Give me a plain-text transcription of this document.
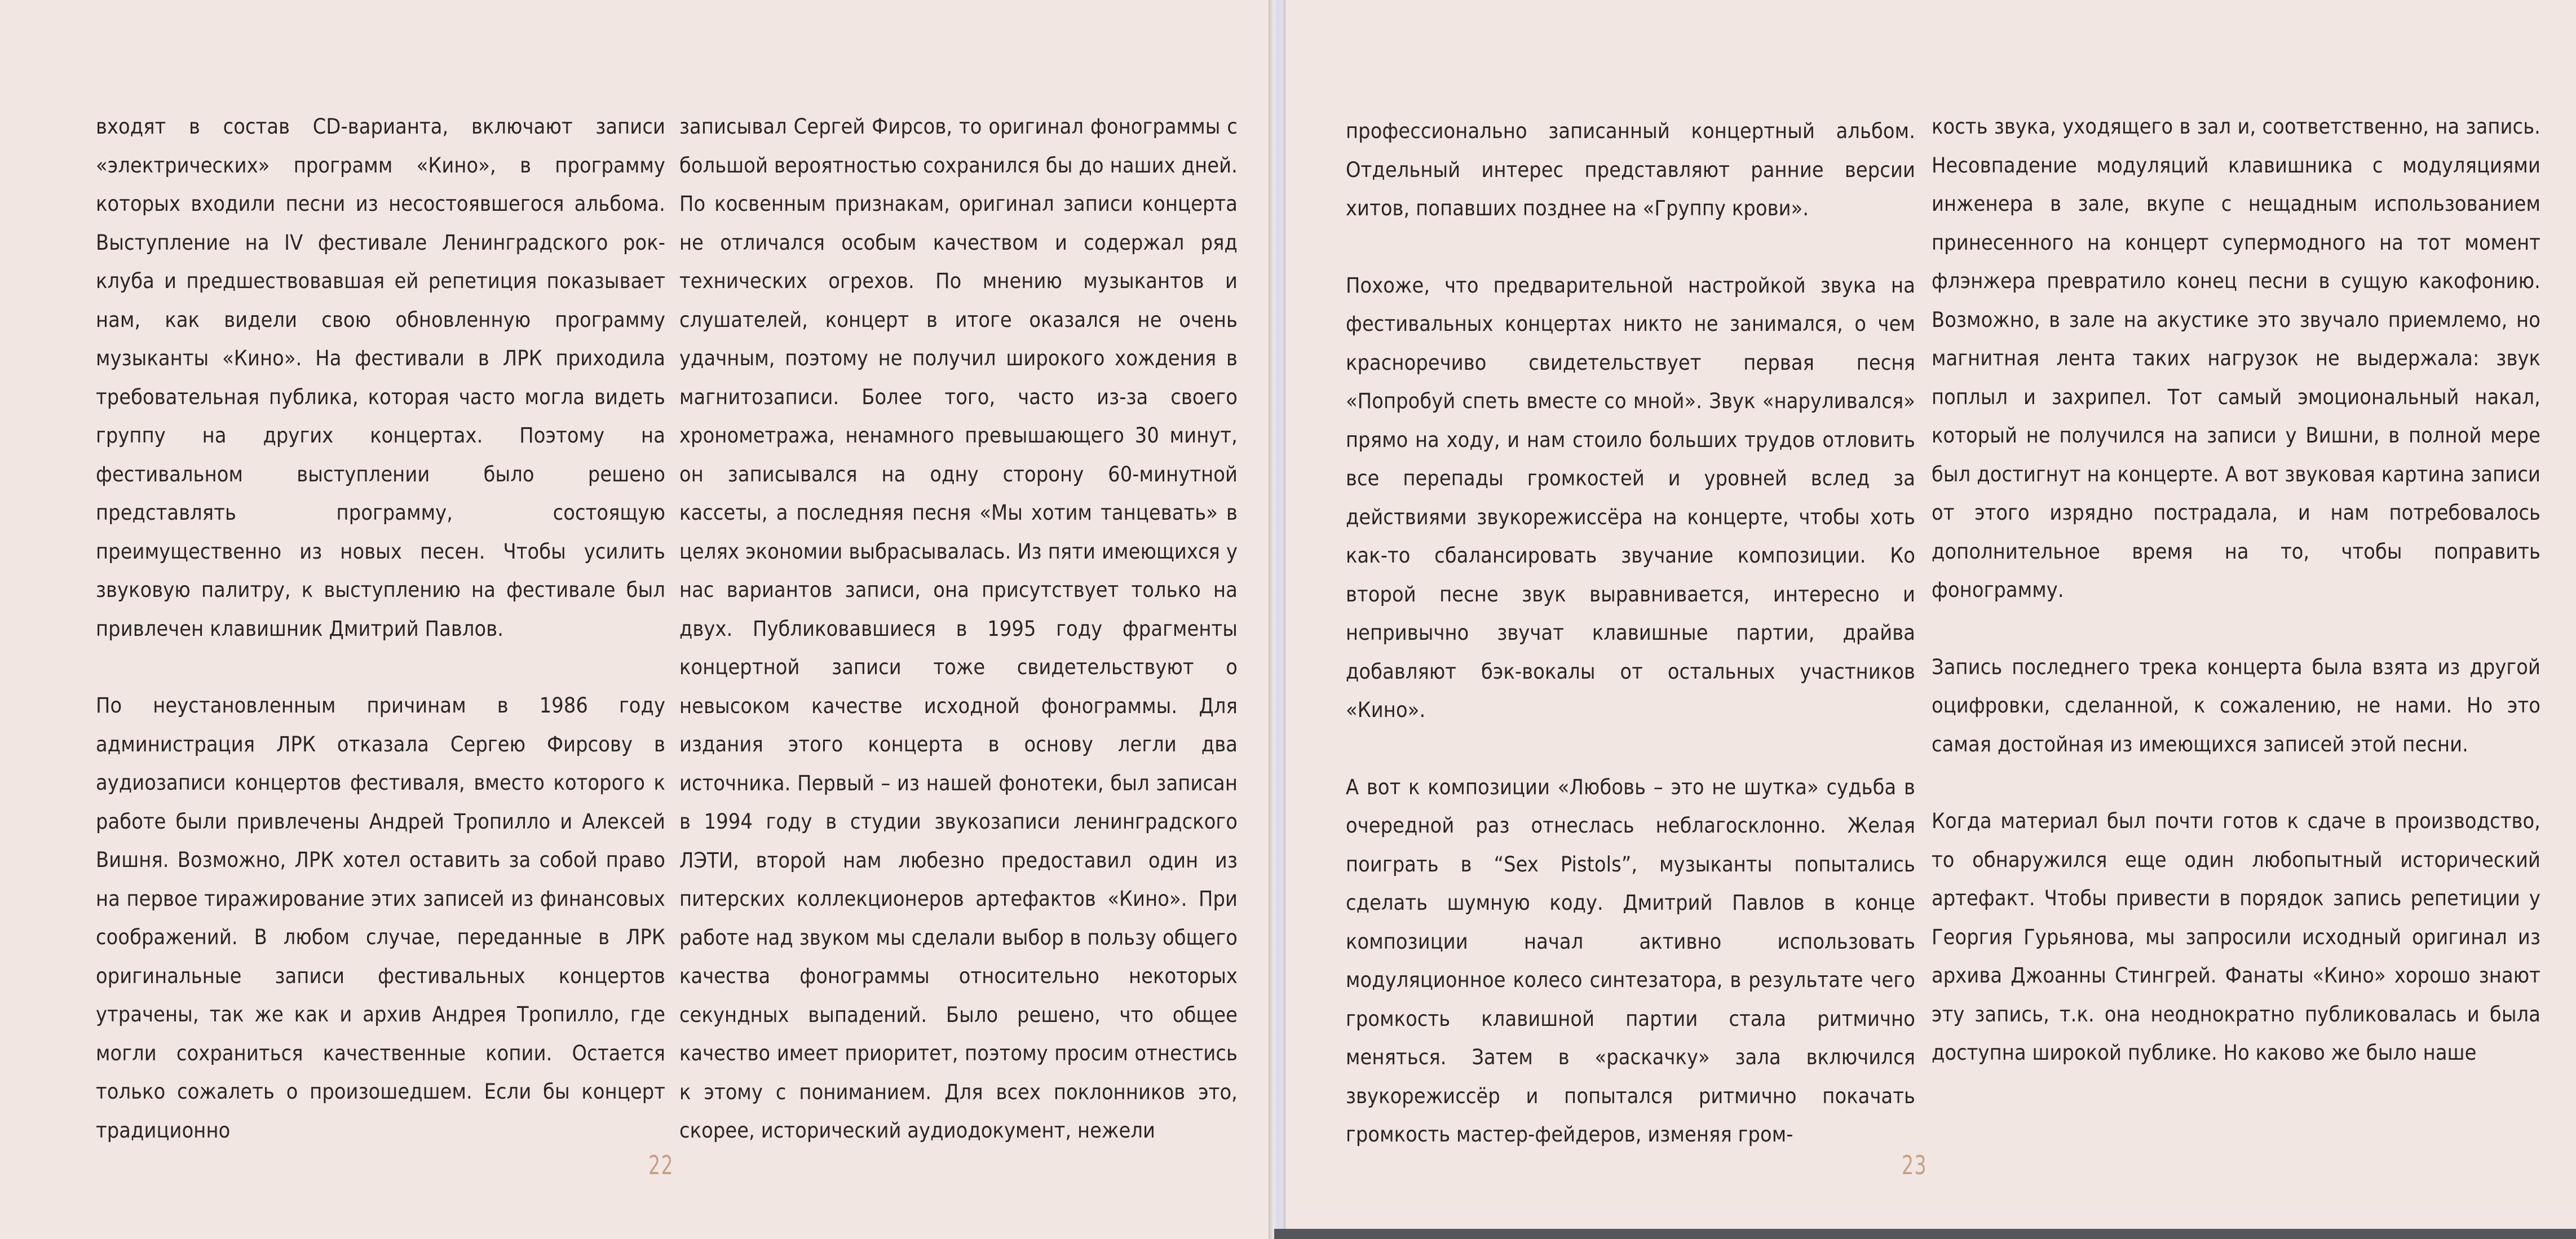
входят в состав CD-варианта, включают записи «электрических» программ «Кино», в программу которых входили песни из несостоявшегося альбома. Выступление на IV фестивале Ленинградского рок-клуба и предшествовавшая ей репетиция показывает нам, как видели свою обновленную программу музыканты «Кино». На фестивали в ЛРК приходила требовательная публика, которая часто могла видеть группу на других концертах. Поэтому на фестивальном выступлении было решено представлять программу, состоящую преимущественно из новых песен. Чтобы усилить звуковую палитру, к выступлению на фестивале был привлечен клавишник Дмитрий Павлов.

По неустановленным причинам в 1986 году администрация ЛРК отказала Сергею Фирсову в аудиозаписи концертов фестиваля, вместо которого к работе были привлечены Андрей Тропилло и Алексей Вишня. Возможно, ЛРК хотел оставить за собой право на первое тиражирование этих записей из финансовых соображений. В любом случае, переданные в ЛРК оригинальные записи фестивальных концертов утрачены, так же как и архив Андрея Тропилло, где могли сохраниться качественные копии. Остается только сожалеть о произошедшем. Если бы концерт традиционно

записывал Сергей Фирсов, то оригинал фонограммы с большой вероятностью сохранился бы до наших дней. По косвенным признакам, оригинал записи концерта не отличался особым качеством и содержал ряд технических огрехов. По мнению музыкантов и слушателей, концерт в итоге оказался не очень удачным, поэтому не получил широкого хождения в магнитозаписи. Более того, часто из-за своего хронометража, ненамного превышающего 30 минут, он записывался на одну сторону 60-минутной кассеты, а последняя песня «Мы хотим танцевать» в целях экономии выбрасывалась. Из пяти имеющихся у нас вариантов записи, она присутствует только на двух. Публиковавшиеся в 1995 году фрагменты концертной записи тоже свидетельствуют о невысоком качестве исходной фонограммы. Для издания этого концерта в основу легли два источника. Первый – из нашей фонотеки, был записан в 1994 году в студии звукозаписи ленинградского ЛЭТИ, второй нам любезно предоставил один из питерских коллекционеров артефактов «Кино». При работе над звуком мы сделали выбор в пользу общего качества фонограммы относительно некоторых секундных выпадений. Было решено, что общее качество имеет приоритет, поэтому просим отнестись к этому с пониманием. Для всех поклонников это, скорее, исторический аудиодокумент, нежели

22

профессионально записанный концертный альбом. Отдельный интерес представляют ранние версии хитов, попавших позднее на «Группу крови».

Похоже, что предварительной настройкой звука на фестивальных концертах никто не занимался, о чем красноречиво свидетельствует первая песня «Попробуй спеть вместе со мной». Звук «наруливался» прямо на ходу, и нам стоило больших трудов отловить все перепады громкостей и уровней вслед за действиями звукорежиссёра на концерте, чтобы хоть как-то сбалансировать звучание композиции. Ко второй песне звук выравнивается, интересно и непривычно звучат клавишные партии, драйва добавляют бэк-вокалы от остальных участников «Кино».

А вот к композиции «Любовь – это не шутка» судьба в очередной раз отнеслась неблагосклонно. Желая поиграть в “Sex Pistols”, музыканты попытались сделать шумную коду. Дмитрий Павлов в конце композиции начал активно использовать модуляционное колесо синтезатора, в результате чего громкость клавишной партии стала ритмично меняться. Затем в «раскачку» зала включился звукорежиссёр и попытался ритмично покачать громкость мастер-фейдеров, изменяя гром-

кость звука, уходящего в зал и, соответственно, на запись. Несовпадение модуляций клавишника с модуляциями инженера в зале, вкупе с нещадным использованием принесенного на концерт супермодного на тот момент флэнжера превратило конец песни в сущую какофонию. Возможно, в зале на акустике это звучало приемлемо, но магнитная лента таких нагрузок не выдержала: звук поплыл и захрипел. Тот самый эмоциональный накал, который не получился на записи у Вишни, в полной мере был достигнут на концерте. А вот звуковая картина записи от этого изрядно пострадала, и нам потребовалось дополнительное время на то, чтобы поправить фонограмму.

Запись последнего трека концерта была взята из другой оцифровки, сделанной, к сожалению, не нами. Но это самая достойная из имеющихся записей этой песни.

Когда материал был почти готов к сдаче в производство, то обнаружился еще один любопытный исторический артефакт. Чтобы привести в порядок запись репетиции у Георгия Гурьянова, мы запросили исходный оригинал из архива Джоанны Стингрей. Фанаты «Кино» хорошо знают эту запись, т.к. она неоднократно публиковалась и была доступна широкой публике. Но каково же было наше

23
